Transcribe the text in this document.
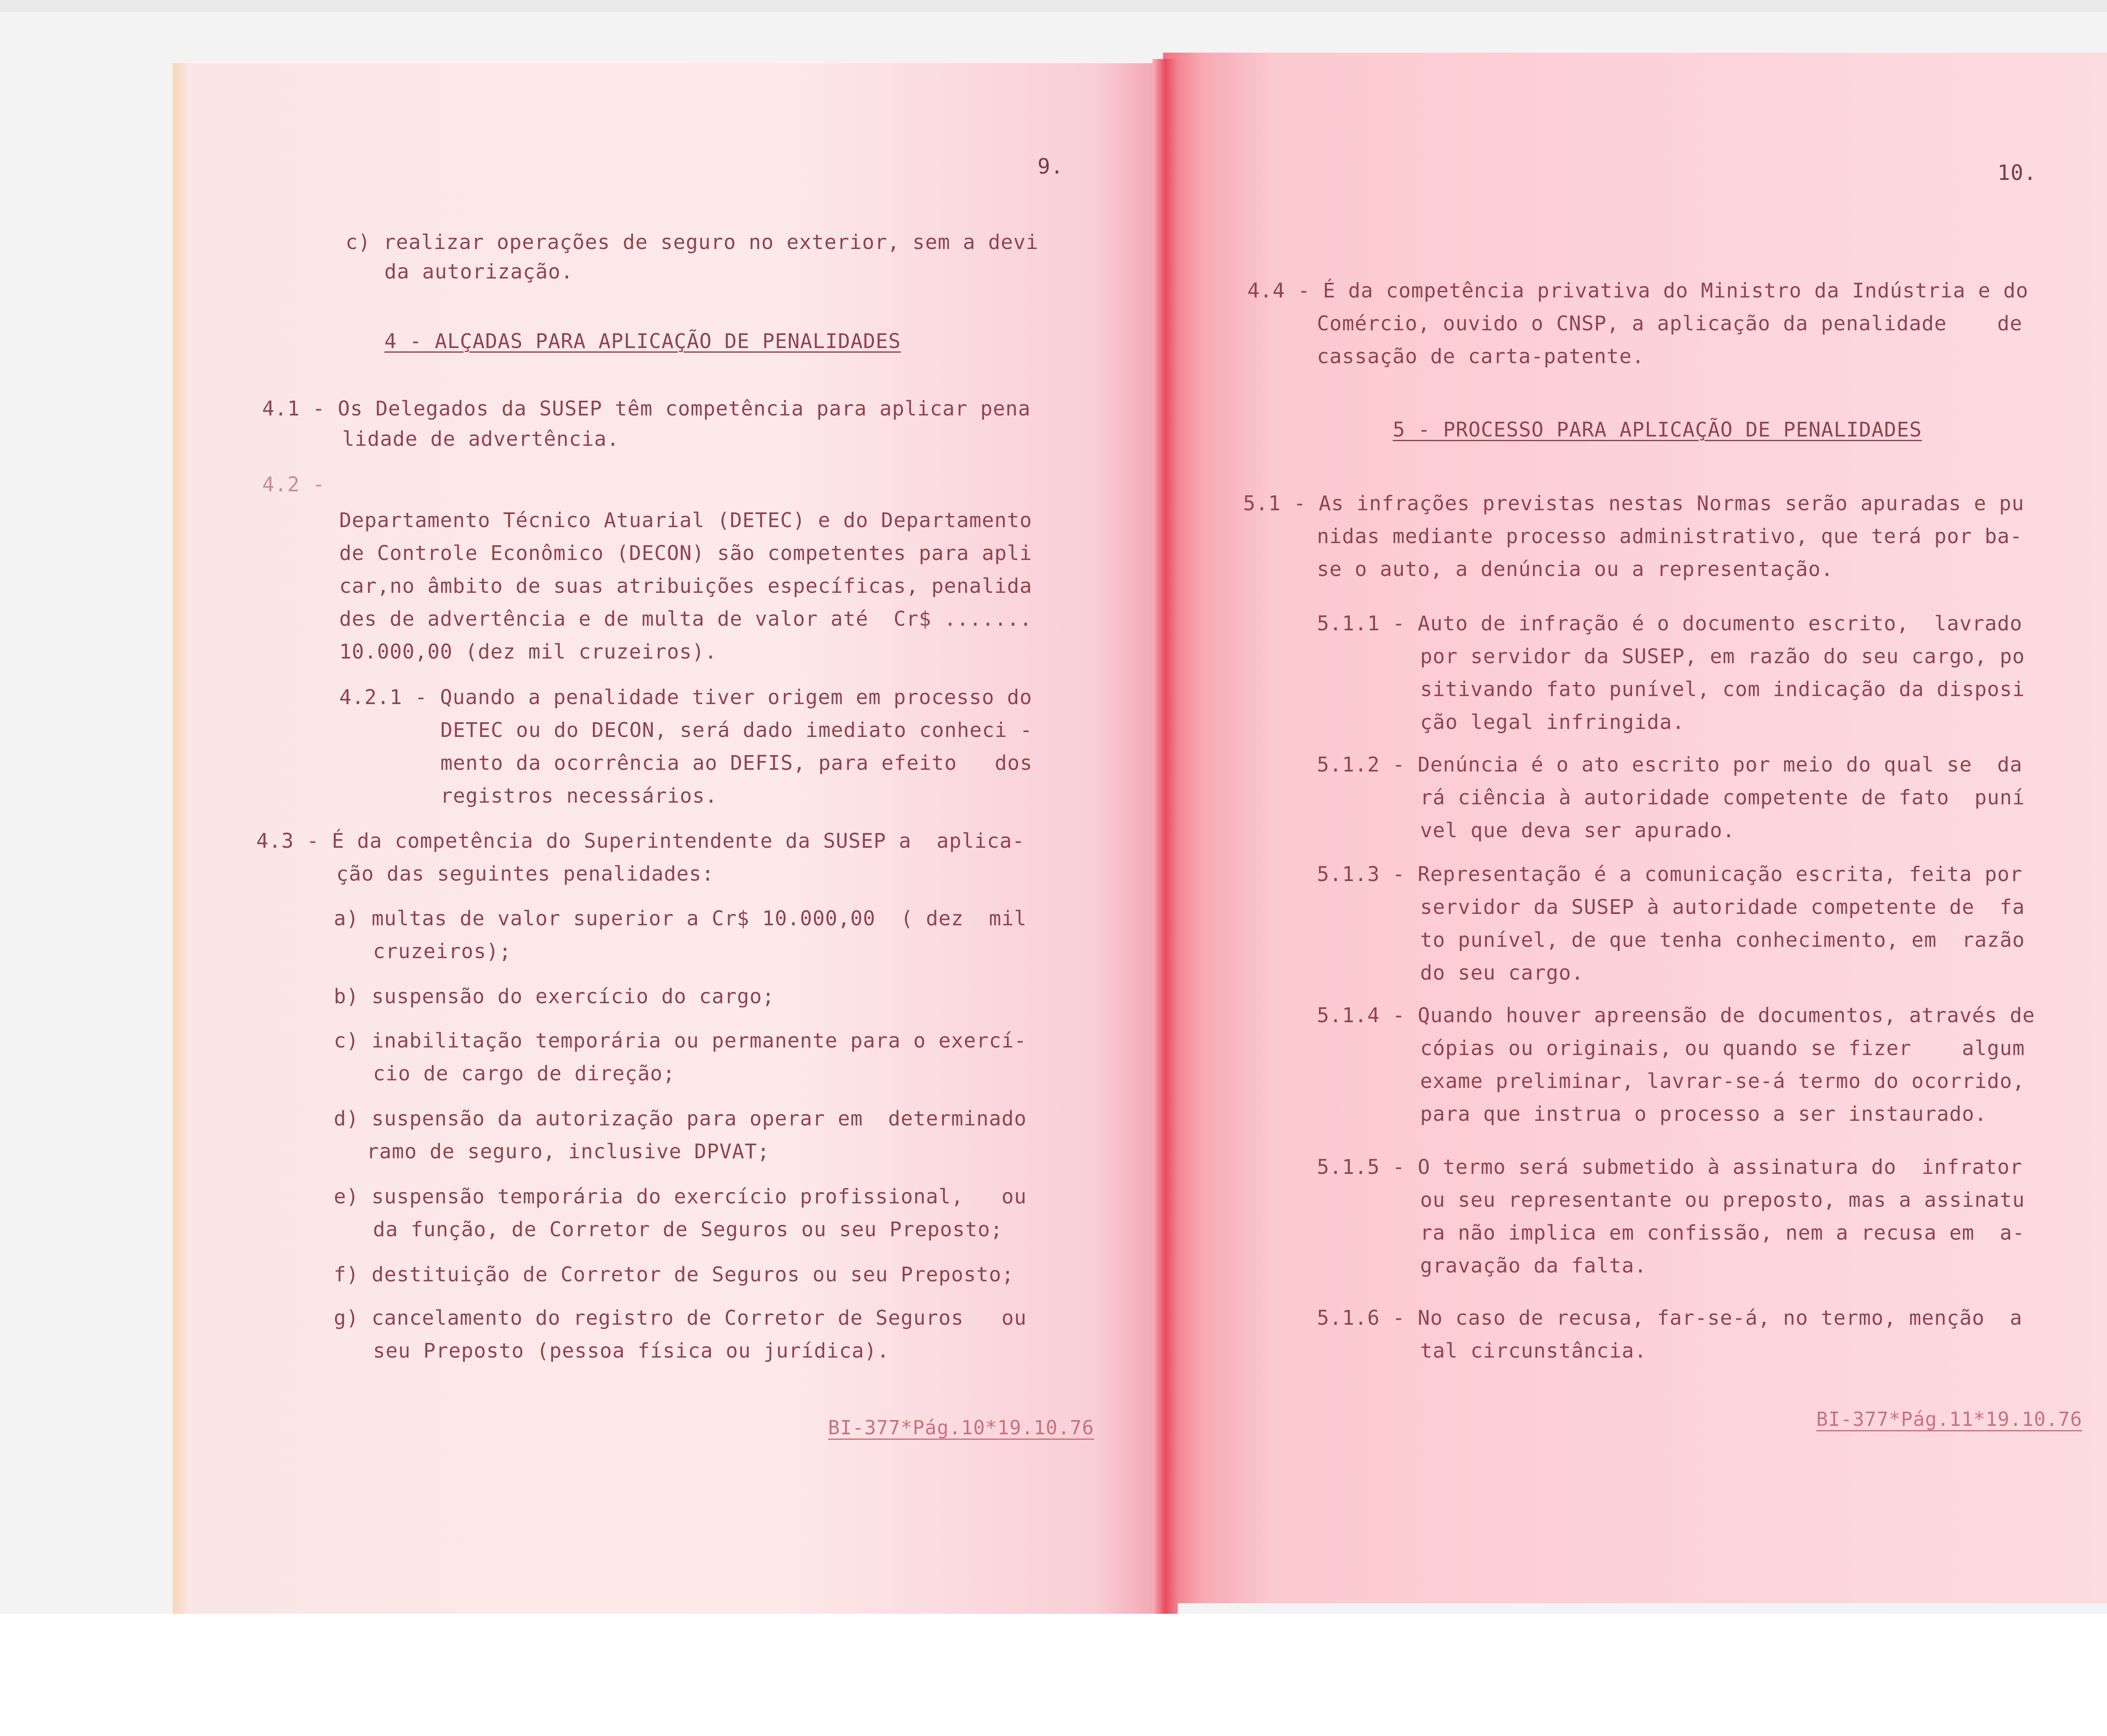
9.
c) realizar operações de seguro no exterior, sem a devi
da autorização.
4 - ALÇADAS PARA APLICAÇÃO DE PENALIDADES
4.1 - Os Delegados da SUSEP têm competência para aplicar pena
lidade de advertência.
4.2 -
Departamento Técnico Atuarial (DETEC) e do Departamento
de Controle Econômico (DECON) são competentes para apli
car,no âmbito de suas atribuições específicas, penalida
des de advertência e de multa de valor até  Cr$ .......
10.000,00 (dez mil cruzeiros).
4.2.1 - Quando a penalidade tiver origem em processo do
DETEC ou do DECON, será dado imediato conheci -
mento da ocorrência ao DEFIS, para efeito   dos
registros necessários.
4.3 - É da competência do Superintendente da SUSEP a  aplica-
ção das seguintes penalidades:
a) multas de valor superior a Cr$ 10.000,00  ( dez  mil
cruzeiros);
b) suspensão do exercício do cargo;
c) inabilitação temporária ou permanente para o exercí-
cio de cargo de direção;
d) suspensão da autorização para operar em  determinado
ramo de seguro, inclusive DPVAT;
e) suspensão temporária do exercício profissional,   ou
da função, de Corretor de Seguros ou seu Preposto;
f) destituição de Corretor de Seguros ou seu Preposto;
g) cancelamento do registro de Corretor de Seguros   ou
seu Preposto (pessoa física ou jurídica).
BI-377*Pág.10*19.10.76
10.
4.4 - É da competência privativa do Ministro da Indústria e do
Comércio, ouvido o CNSP, a aplicação da penalidade    de
cassação de carta-patente.
5 - PROCESSO PARA APLICAÇÃO DE PENALIDADES
5.1 - As infrações previstas nestas Normas serão apuradas e pu
nidas mediante processo administrativo, que terá por ba-
se o auto, a denúncia ou a representação.
5.1.1 - Auto de infração é o documento escrito,  lavrado
por servidor da SUSEP, em razão do seu cargo, po
sitivando fato punível, com indicação da disposi
ção legal infringida.
5.1.2 - Denúncia é o ato escrito por meio do qual se  da
rá ciência à autoridade competente de fato  puní
vel que deva ser apurado.
5.1.3 - Representação é a comunicação escrita, feita por
servidor da SUSEP à autoridade competente de  fa
to punível, de que tenha conhecimento, em  razão
do seu cargo.
5.1.4 - Quando houver apreensão de documentos, através de
cópias ou originais, ou quando se fizer    algum
exame preliminar, lavrar-se-á termo do ocorrido,
para que instrua o processo a ser instaurado.
5.1.5 - O termo será submetido à assinatura do  infrator
ou seu representante ou preposto, mas a assinatu
ra não implica em confissão, nem a recusa em  a-
gravação da falta.
5.1.6 - No caso de recusa, far-se-á, no termo, menção  a
tal circunstância.
BI-377*Pág.11*19.10.76
